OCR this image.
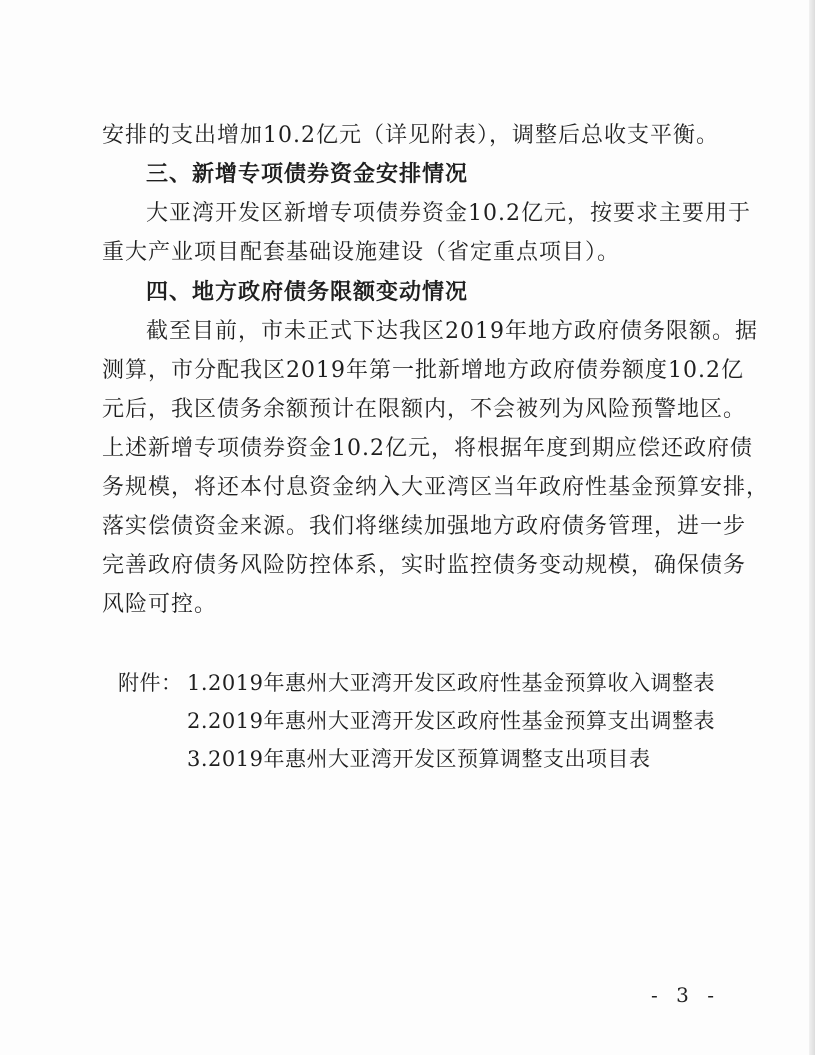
安排的支出增加10.2亿元（详见附表），调整后总收支平衡。
三、新增专项债券资金安排情况
大亚湾开发区新增专项债券资金10.2亿元，按要求主要用于
重大产业项目配套基础设施建设（省定重点项目）。
四、地方政府债务限额变动情况
截至目前，市未正式下达我区2019年地方政府债务限额。据
测算，市分配我区2019年第一批新增地方政府债券额度10.2亿
元后，我区债务余额预计在限额内，不会被列为风险预警地区。
上述新增专项债券资金10.2亿元，将根据年度到期应偿还政府债
务规模，将还本付息资金纳入大亚湾区当年政府性基金预算安排，
落实偿债资金来源。我们将继续加强地方政府债务管理，进一步
完善政府债务风险防控体系，实时监控债务变动规模，确保债务
风险可控。
附件： 1.2019年惠州大亚湾开发区政府性基金预算收入调整表
2.2019年惠州大亚湾开发区政府性基金预算支出调整表
3.2019年惠州大亚湾开发区预算调整支出项目表
- 3 -
